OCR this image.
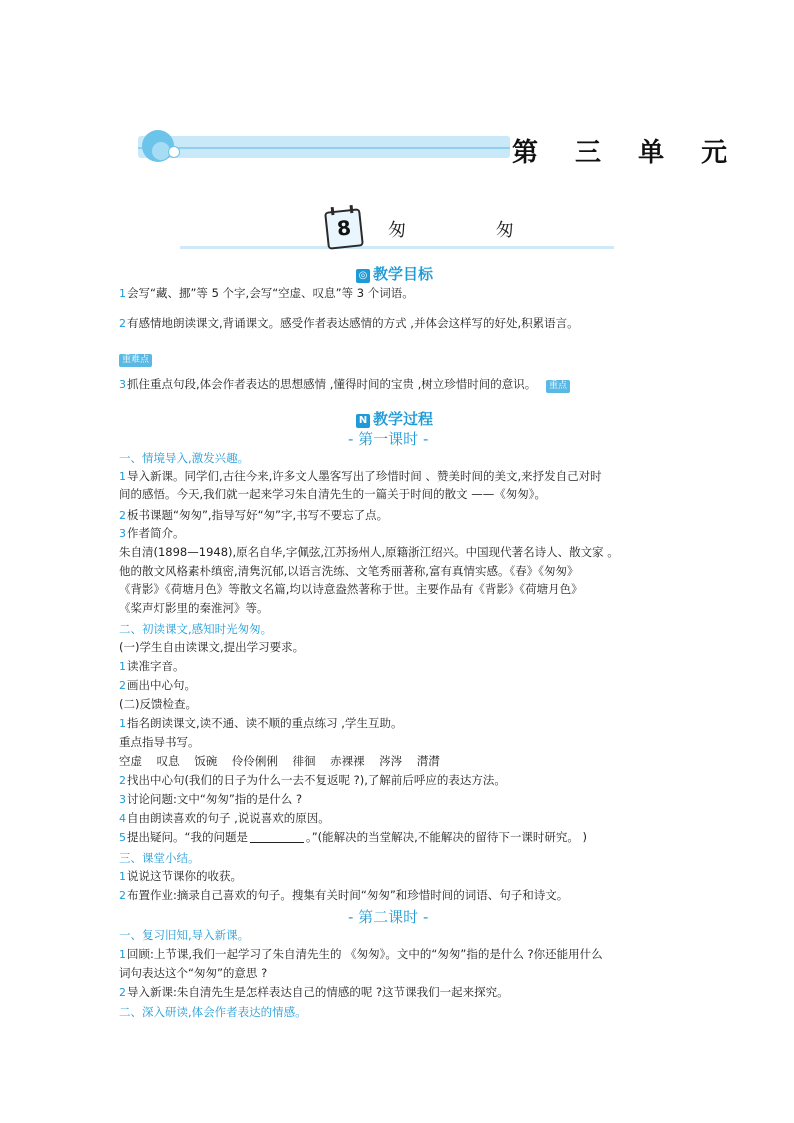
第 三 单 元
8	匆 匆
◎ 教学目标
1会写“藏、挪”等 5 个字,会写“空虚、叹息”等 3 个词语。
2有感情地朗读课文,背诵课文。感受作者表达感情的方式 ,并体会这样写的好处,积累语言。
重难点
3抓住重点句段,体会作者表达的思想感情 ,懂得时间的宝贵 ,树立珍惜时间的意识。 重点
N 教学过程
- 第一课时 -
一、情境导入,激发兴趣。
1导入新课。同学们,古往今来,许多文人墨客写出了珍惜时间 、赞美时间的美文,来抒发自己对时
间的感悟。今天,我们就一起来学习朱自清先生的一篇关于时间的散文 ——《匆匆》。
2板书课题“匆匆”,指导写好“匆”字,书写不要忘了点。
3作者简介。
朱自清(1898—1948),原名自华,字佩弦,江苏扬州人,原籍浙江绍兴。中国现代著名诗人、散文家 。
他的散文风格素朴缜密,清隽沉郁,以语言洗练、文笔秀丽著称,富有真情实感。《春》《匆匆》
《背影》《荷塘月色》等散文名篇,均以诗意盎然著称于世。主要作品有《背影》《荷塘月色》
《桨声灯影里的秦淮河》等。
二、初读课文,感知时光匆匆。
(一)学生自由读课文,提出学习要求。
1读准字音。
2画出中心句。
(二)反馈检查。
1指名朗读课文,读不通、读不顺的重点练习 ,学生互助。
重点指导书写。
空虚    叹息    饭碗    伶伶俐俐    徘徊    赤裸裸    涔涔    潸潸
2找出中心句(我们的日子为什么一去不复返呢 ?),了解前后呼应的表达方法。
3讨论问题:文中“匆匆”指的是什么 ?
4自由朗读喜欢的句子 ,说说喜欢的原因。
5提出疑问。“我的问题是	。”(能解决的当堂解决,不能解决的留待下一课时研究。 )
三、课堂小结。
1说说这节课你的收获。
2布置作业:摘录自己喜欢的句子。搜集有关时间“匆匆”和珍惜时间的词语、句子和诗文。
- 第二课时 -
一、复习旧知,导入新课。
1回顾:上节课,我们一起学习了朱自清先生的 《匆匆》。文中的“匆匆”指的是什么 ?你还能用什么
词句表达这个“匆匆”的意思 ?
2导入新课:朱自清先生是怎样表达自己的情感的呢 ?这节课我们一起来探究。
二、深入研读,体会作者表达的情感。
